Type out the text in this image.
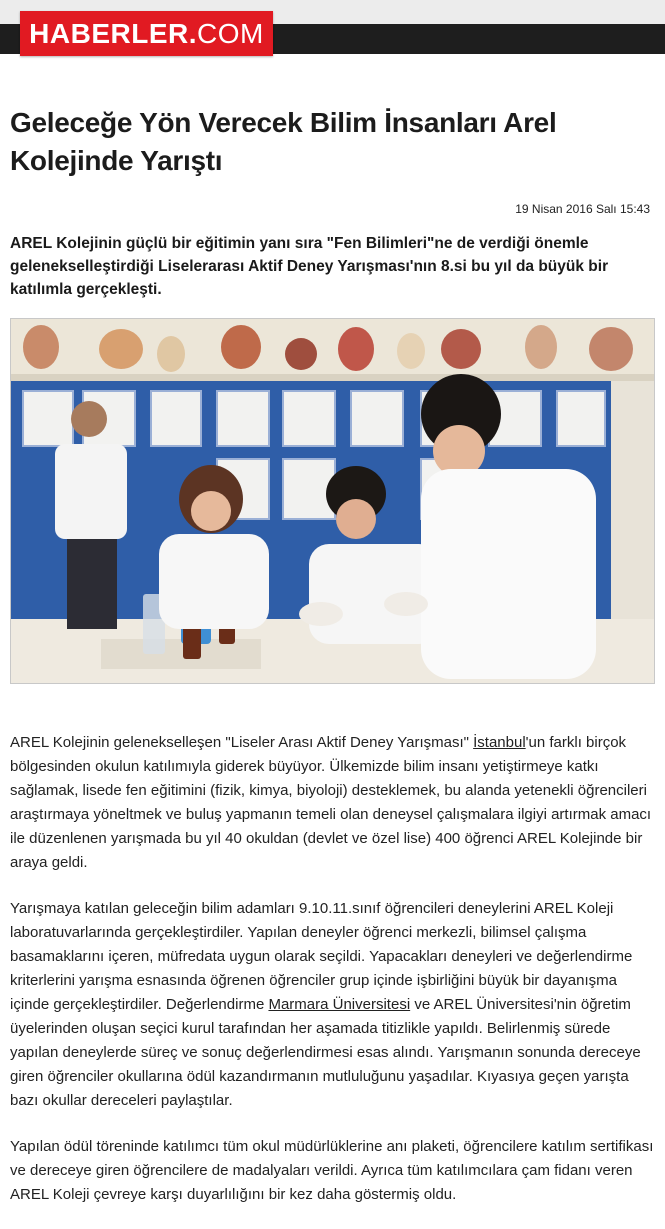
HABERLER.COM
Geleceğe Yön Verecek Bilim İnsanları Arel Kolejinde Yarıştı
19 Nisan 2016 Salı 15:43

AREL Kolejinin güçlü bir eğitimin yanı sıra "Fen Bilimleri"ne de verdiği önemle gelenekselleştirdiği Liselerarası Aktif Deney Yarışması'nın 8.si bu yıl da büyük bir katılımla gerçekleşti.

AREL Kolejinin gelenekselleşen "Liseler Arası Aktif Deney Yarışması" İstanbul'un farklı birçok bölgesinden okulun katılımıyla giderek büyüyor. Ülkemizde bilim insanı yetiştirmeye katkı sağlamak, lisede fen eğitimini (fizik, kimya, biyoloji) desteklemek, bu alanda yetenekli öğrencileri araştırmaya yöneltmek ve buluş yapmanın temeli olan deneysel çalışmalara ilgiyi artırmak amacı ile düzenlenen yarışmada bu yıl 40 okuldan (devlet ve özel lise) 400 öğrenci AREL Kolejinde bir araya geldi.

Yarışmaya katılan geleceğin bilim adamları 9.10.11.sınıf öğrencileri deneylerini AREL Koleji laboratuvarlarında gerçekleştirdiler. Yapılan deneyler öğrenci merkezli, bilimsel çalışma basamaklarını içeren, müfredata uygun olarak seçildi. Yapacakları deneyleri ve değerlendirme kriterlerini yarışma esnasında öğrenen öğrenciler grup içinde işbirliğini büyük bir dayanışma içinde gerçekleştirdiler. Değerlendirme Marmara Üniversitesi ve AREL Üniversitesi'nin öğretim üyelerinden oluşan seçici kurul tarafından her aşamada titizlikle yapıldı. Belirlenmiş sürede yapılan deneylerde süreç ve sonuç değerlendirmesi esas alındı. Yarışmanın sonunda dereceye giren öğrenciler okullarına ödül kazandırmanın mutluluğunu yaşadılar. Kıyasıya geçen yarışta bazı okullar dereceleri paylaştılar.

Yapılan ödül töreninde katılımcı tüm okul müdürlüklerine anı plaketi, öğrencilere katılım sertifikası ve dereceye giren öğrencilere de madalyaları verildi. Ayrıca tüm katılımcılara çam fidanı veren AREL Koleji çevreye karşı duyarlılığını bir kez daha göstermiş oldu.
